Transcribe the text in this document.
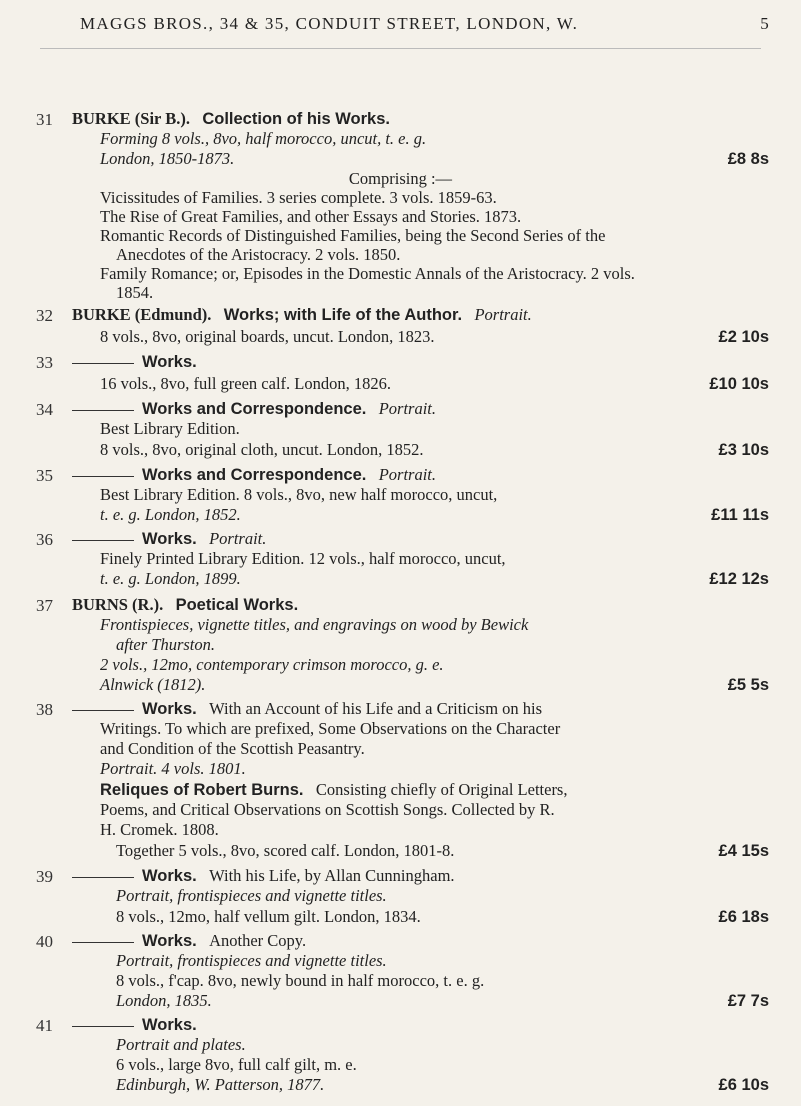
MAGGS BROS., 34 & 35, CONDUIT STREET, LONDON, W.	5
31	BURKE (Sir B.). Collection of his Works.
Forming 8 vols., 8vo, half morocco, uncut, t. e. g.
London, 1850-1873.	£8 8s
Comprising :—
Vicissitudes of Families. 3 series complete. 3 vols. 1859-63.
The Rise of Great Families, and other Essays and Stories. 1873.
Romantic Records of Distinguished Families, being the Second Series of the
Anecdotes of the Aristocracy. 2 vols. 1850.
Family Romance; or, Episodes in the Domestic Annals of the Aristocracy. 2 vols.
1854.
32	BURKE (Edmund). Works; with Life of the Author. Portrait.
8 vols., 8vo, original boards, uncut. London, 1823.	£2 10s
33	Works.
16 vols., 8vo, full green calf. London, 1826.	£10 10s
34	Works and Correspondence. Portrait.
Best Library Edition.
8 vols., 8vo, original cloth, uncut. London, 1852.	£3 10s
35	Works and Correspondence. Portrait.
Best Library Edition. 8 vols., 8vo, new half morocco, uncut,
t. e. g. London, 1852.	£11 11s
36	Works. Portrait.
Finely Printed Library Edition. 12 vols., half morocco, uncut,
t. e. g. London, 1899.	£12 12s
37	BURNS (R.). Poetical Works.
Frontispieces, vignette titles, and engravings on wood by Bewick
after Thurston.
2 vols., 12mo, contemporary crimson morocco, g. e.
Alnwick (1812).	£5 5s
38	Works. With an Account of his Life and a Criticism on his
Writings. To which are prefixed, Some Observations on the Character
and Condition of the Scottish Peasantry.
Portrait. 4 vols. 1801.
Reliques of Robert Burns. Consisting chiefly of Original Letters,
Poems, and Critical Observations on Scottish Songs. Collected by R.
H. Cromek. 1808.
Together 5 vols., 8vo, scored calf. London, 1801-8.	£4 15s
39	Works. With his Life, by Allan Cunningham.
Portrait, frontispieces and vignette titles.
8 vols., 12mo, half vellum gilt. London, 1834.	£6 18s
40	Works. Another Copy.
Portrait, frontispieces and vignette titles.
8 vols., f'cap. 8vo, newly bound in half morocco, t. e. g.
London, 1835.	£7 7s
41	Works.
Portrait and plates.
6 vols., large 8vo, full calf gilt, m. e.
Edinburgh, W. Patterson, 1877.	£6 10s
